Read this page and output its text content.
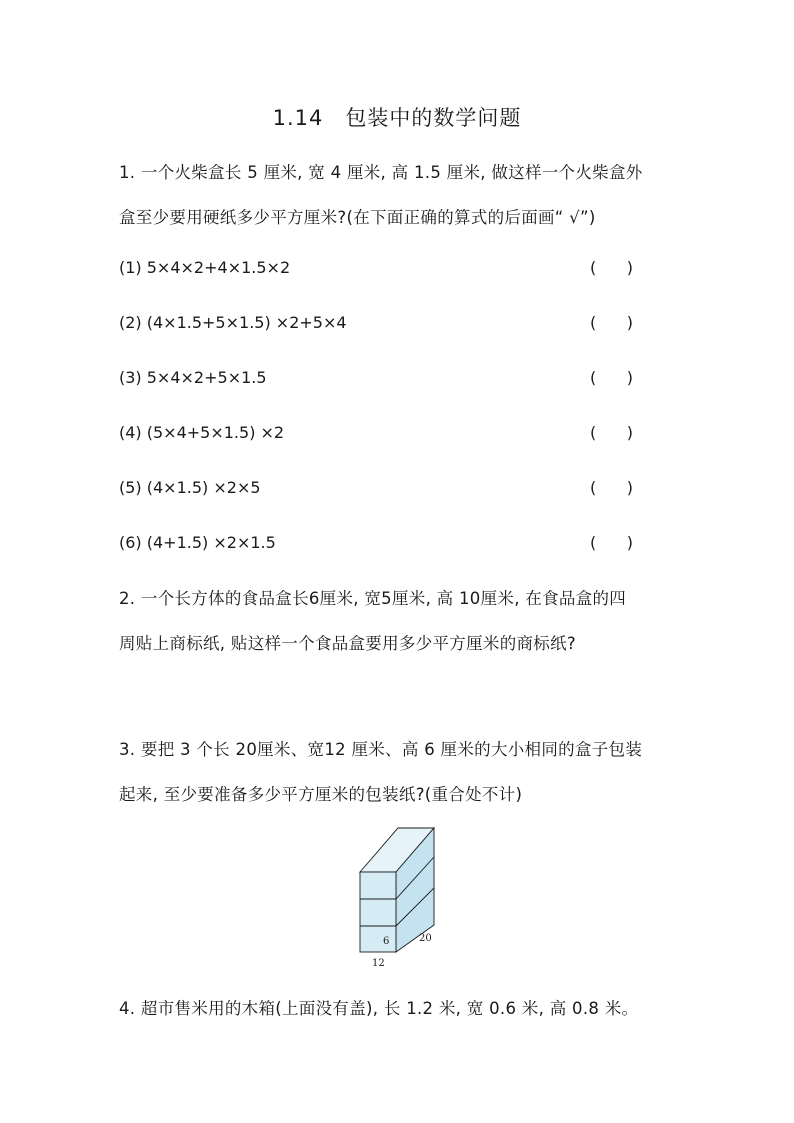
1.14　包装中的数学问题
1. 一个火柴盒长 5 厘米, 宽 4 厘米, 高 1.5 厘米, 做这样一个火柴盒外
盒至少要用硬纸多少平方厘米?(在下面正确的算式的后面画“ √”)
(1) 5×4×2+4×1.5×2	(      )
(2) (4×1.5+5×1.5) ×2+5×4	(      )
(3) 5×4×2+5×1.5	(      )
(4) (5×4+5×1.5) ×2	(      )
(5) (4×1.5) ×2×5	(      )
(6) (4+1.5) ×2×1.5	(      )
2. 一个长方体的食品盒长6厘米, 宽5厘米, 高 10厘米, 在食品盒的四
周贴上商标纸, 贴这样一个食品盒要用多少平方厘米的商标纸?
3. 要把 3 个长 20厘米、宽12 厘米、高 6 厘米的大小相同的盒子包装
起来, 至少要准备多少平方厘米的包装纸?(重合处不计)
6	20
12
4. 超市售米用的木箱(上面没有盖), 长 1.2 米, 宽 0.6 米, 高 0.8 米。
